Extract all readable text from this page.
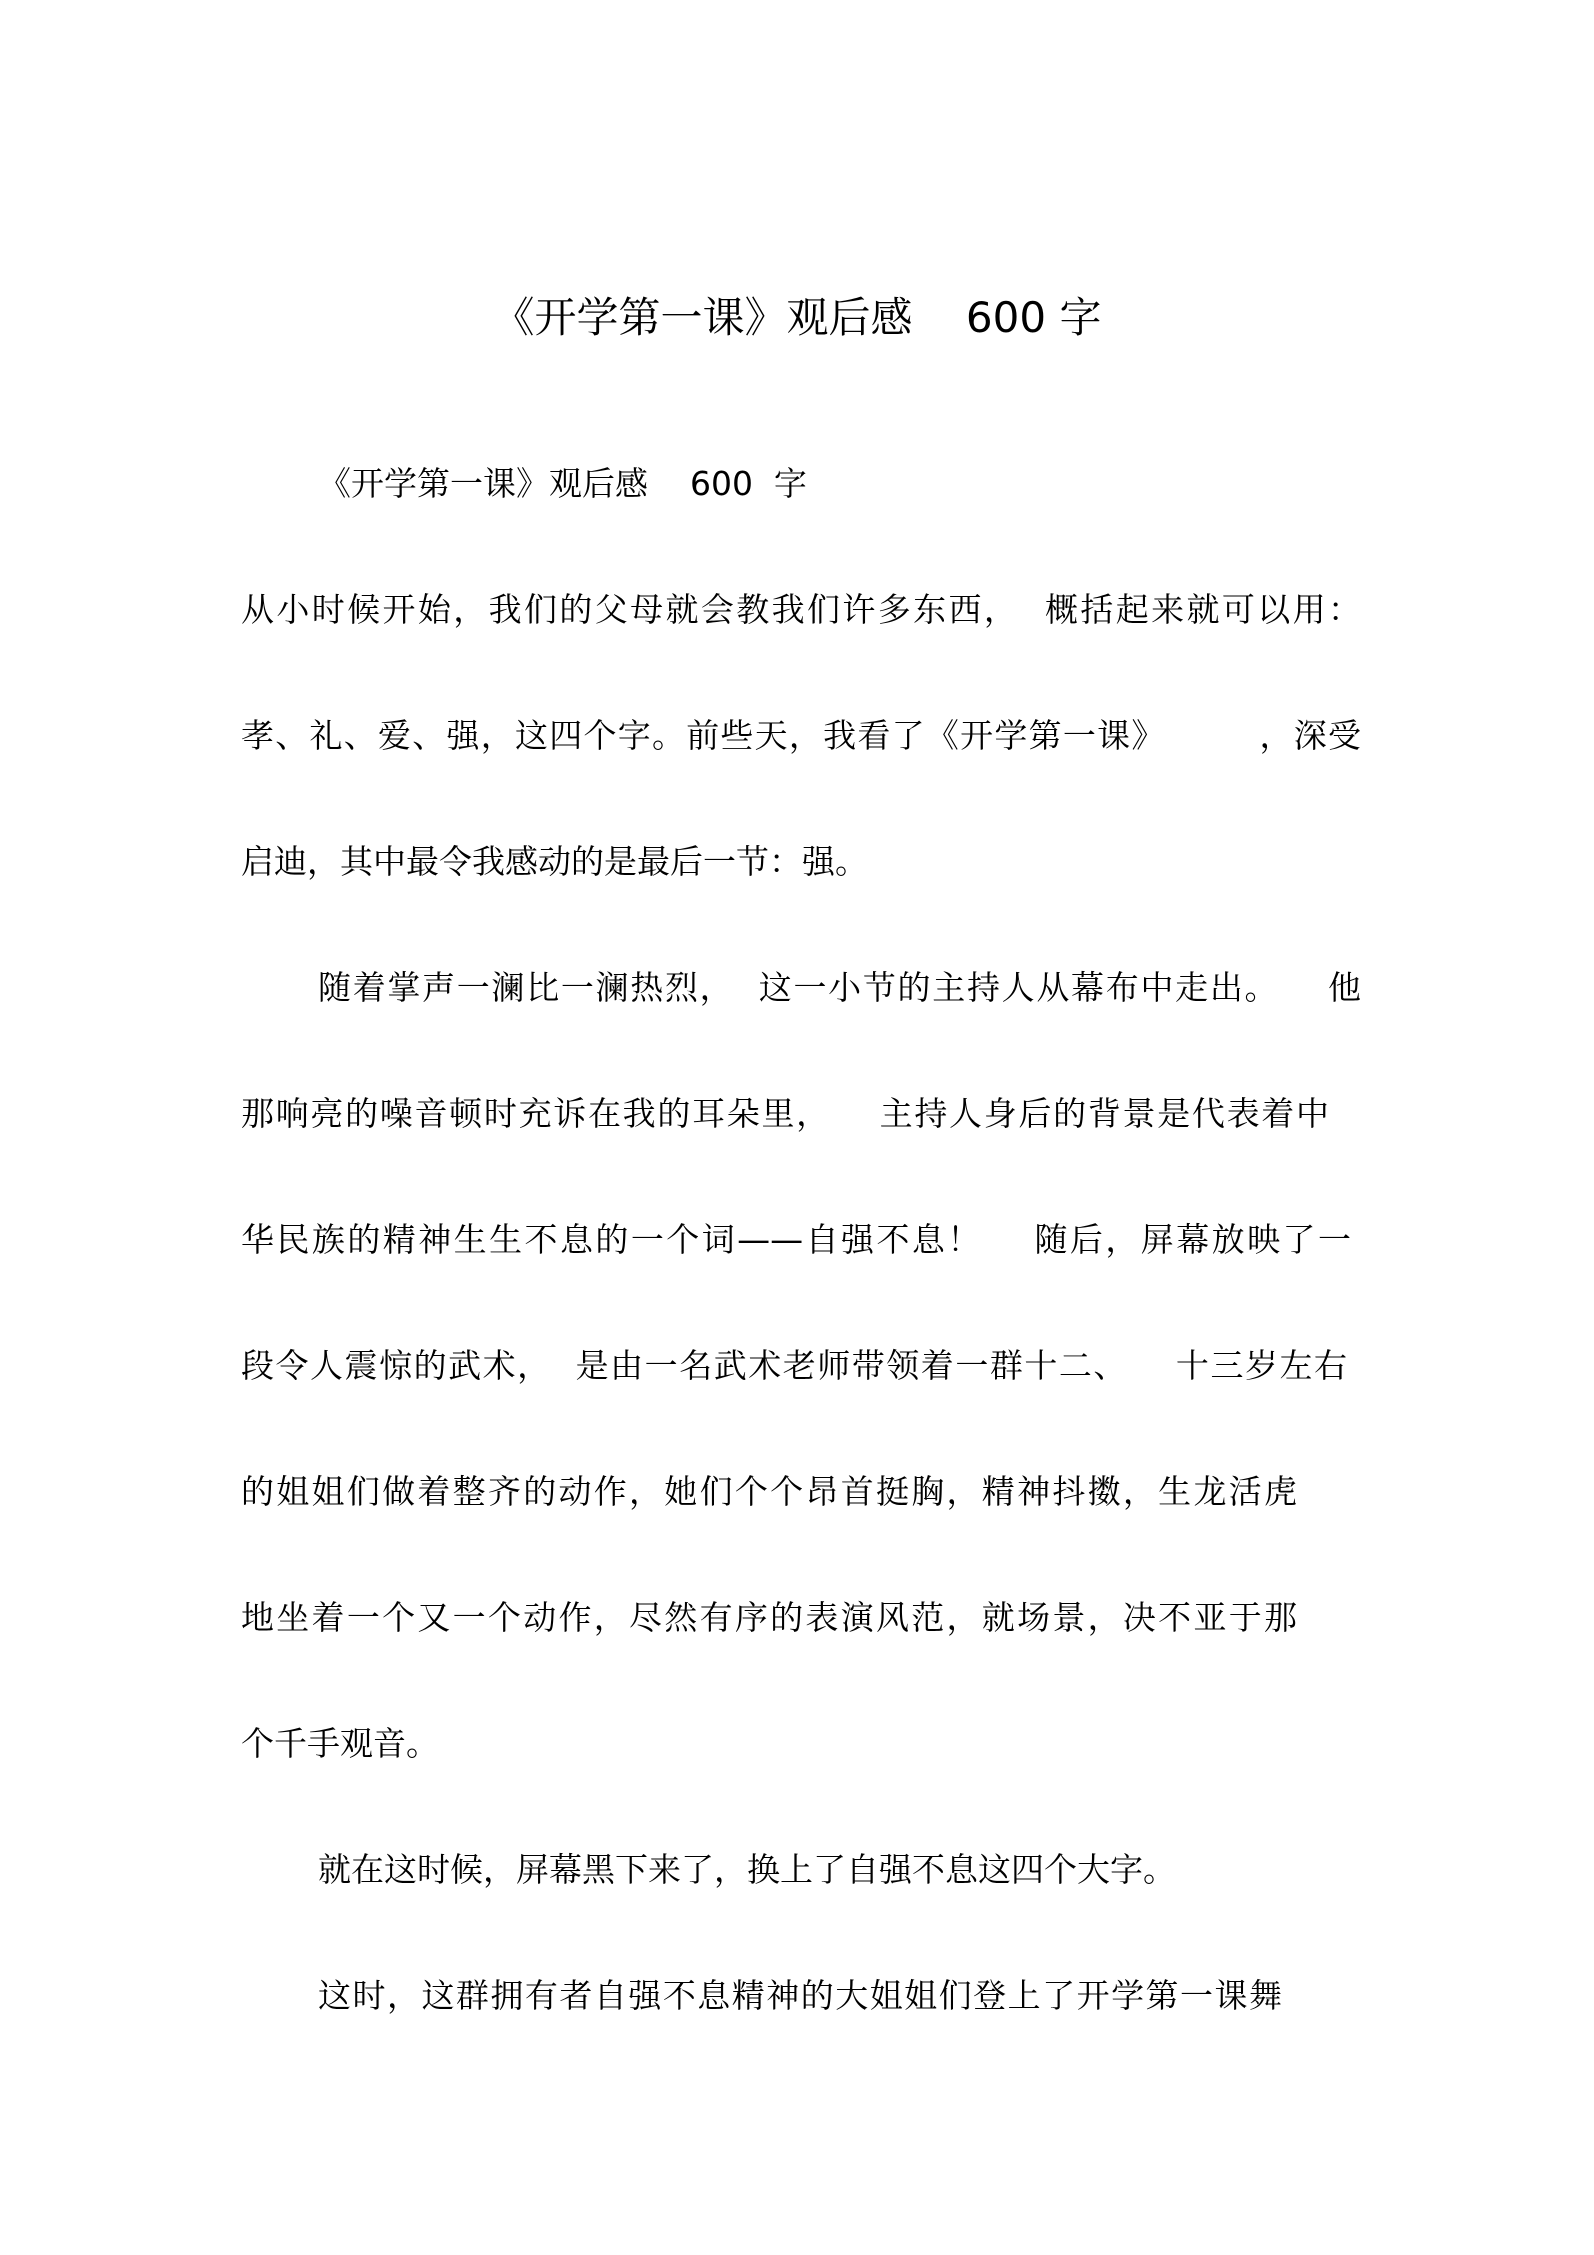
《开学第一课》观后感    600 字
《开学第一课》观后感    600  字
从小时候开始，我们的父母就会教我们许多东西，  概括起来就可以用：
孝、礼、爱、强，这四个字。前些天，我看了《开学第一课》        ，深受
启迪，其中最令我感动的是最后一节：强。
随着掌声一澜比一澜热烈，  这一小节的主持人从幕布中走出。    他
那响亮的噪音顿时充诉在我的耳朵里，    主持人身后的背景是代表着中
华民族的精神生生不息的一个词——自强不息！    随后，屏幕放映了一
段令人震惊的武术，  是由一名武术老师带领着一群十二、    十三岁左右
的姐姐们做着整齐的动作，她们个个昂首挺胸，精神抖擞，生龙活虎
地坐着一个又一个动作，尽然有序的表演风范，就场景，决不亚于那
个千手观音。
就在这时候，屏幕黑下来了，换上了自强不息这四个大字。
这时，这群拥有者自强不息精神的大姐姐们登上了开学第一课舞
